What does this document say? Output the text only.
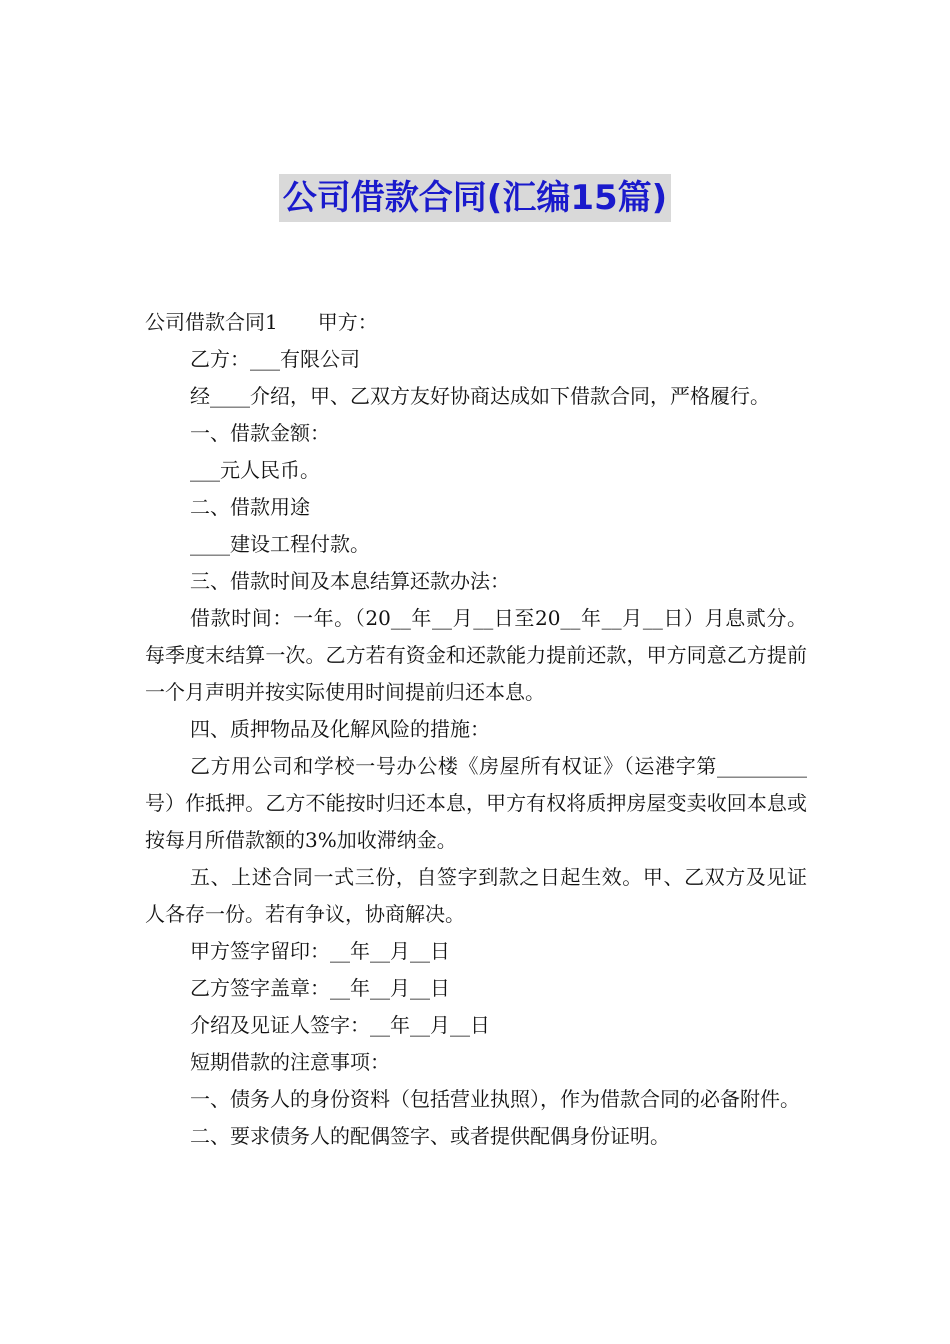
公司借款合同(汇编15篇)

公司借款合同1 甲方：

乙方：___有限公司

经____介绍，甲、乙双方友好协商达成如下借款合同，严格履行。

一、借款金额：

___元人民币。

二、借款用途

____建设工程付款。

三、借款时间及本息结算还款办法：

借款时间：一年。（20__年__月__日至20__年__月__日）月息贰分。每季度末结算一次。乙方若有资金和还款能力提前还款，甲方同意乙方提前一个月声明并按实际使用时间提前归还本息。

四、质押物品及化解风险的措施：

乙方用公司和学校一号办公楼《房屋所有权证》（运港字第_________号）作抵押。乙方不能按时归还本息，甲方有权将质押房屋变卖收回本息或按每月所借款额的3%加收滞纳金。

五、上述合同一式三份，自签字到款之日起生效。甲、乙双方及见证人各存一份。若有争议，协商解决。

甲方签字留印：__年__月__日

乙方签字盖章：__年__月__日

介绍及见证人签字：__年__月__日

短期借款的注意事项：

一、债务人的身份资料（包括营业执照），作为借款合同的必备附件。

二、要求债务人的配偶签字、或者提供配偶身份证明。
